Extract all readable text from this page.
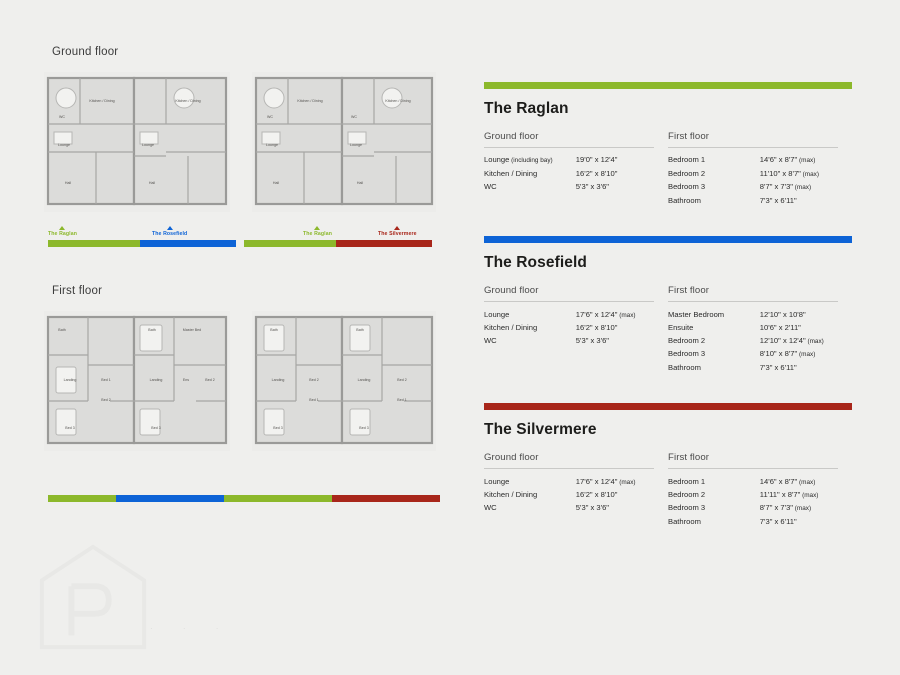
Ground floor
Kitchen / Dining
WC
Lounge
Hall
Kitchen / Dining
Lounge
Hall
Kitchen / Dining
WC
Lounge
Hall
Kitchen / Dining
WC
Lounge
Hall
The Raglan	The Rosefield	The Raglan	The Silvermere
First floor
Bath
Landing	Bed 1
Bed 2
Bed 3
Bath	Master Bed
Landing	Ens	Bed 2
Bed 3
Bath
Bed 2
Landing
Bed 1
Bed 3
Bath
Bed 2
Landing
Bed 1
Bed 3
The Raglan
Ground floor
Lounge (including bay)	19'0" x 12'4"
Kitchen / Dining	16'2" x 8'10"
WC	5'3" x 3'6"
First floor
Bedroom 1	14'6" x 8'7" (max)
Bedroom 2	11'10" x 8'7" (max)
Bedroom 3	8'7" x 7'3" (max)
Bathroom	7'3" x 6'11"
The Rosefield
Ground floor
Lounge	17'6" x 12'4" (max)
Kitchen / Dining	16'2" x 8'10"
WC	5'3" x 3'6"
First floor
Master Bedroom	12'10" x 10'8"
Ensuite	10'6" x 2'11"
Bedroom 2	12'10" x 12'4" (max)
Bedroom 3	8'10" x 8'7" (max)
Bathroom	7'3" x 6'11"
The Silvermere
Ground floor
Lounge	17'6" x 12'4" (max)
Kitchen / Dining	16'2" x 8'10"
WC	5'3" x 3'6"
First floor
Bedroom 1	14'6" x 8'7" (max)
Bedroom 2	11'11" x 8'7" (max)
Bedroom 3	8'7" x 7'3" (max)
Bathroom	7'3" x 6'11"
· · ·
